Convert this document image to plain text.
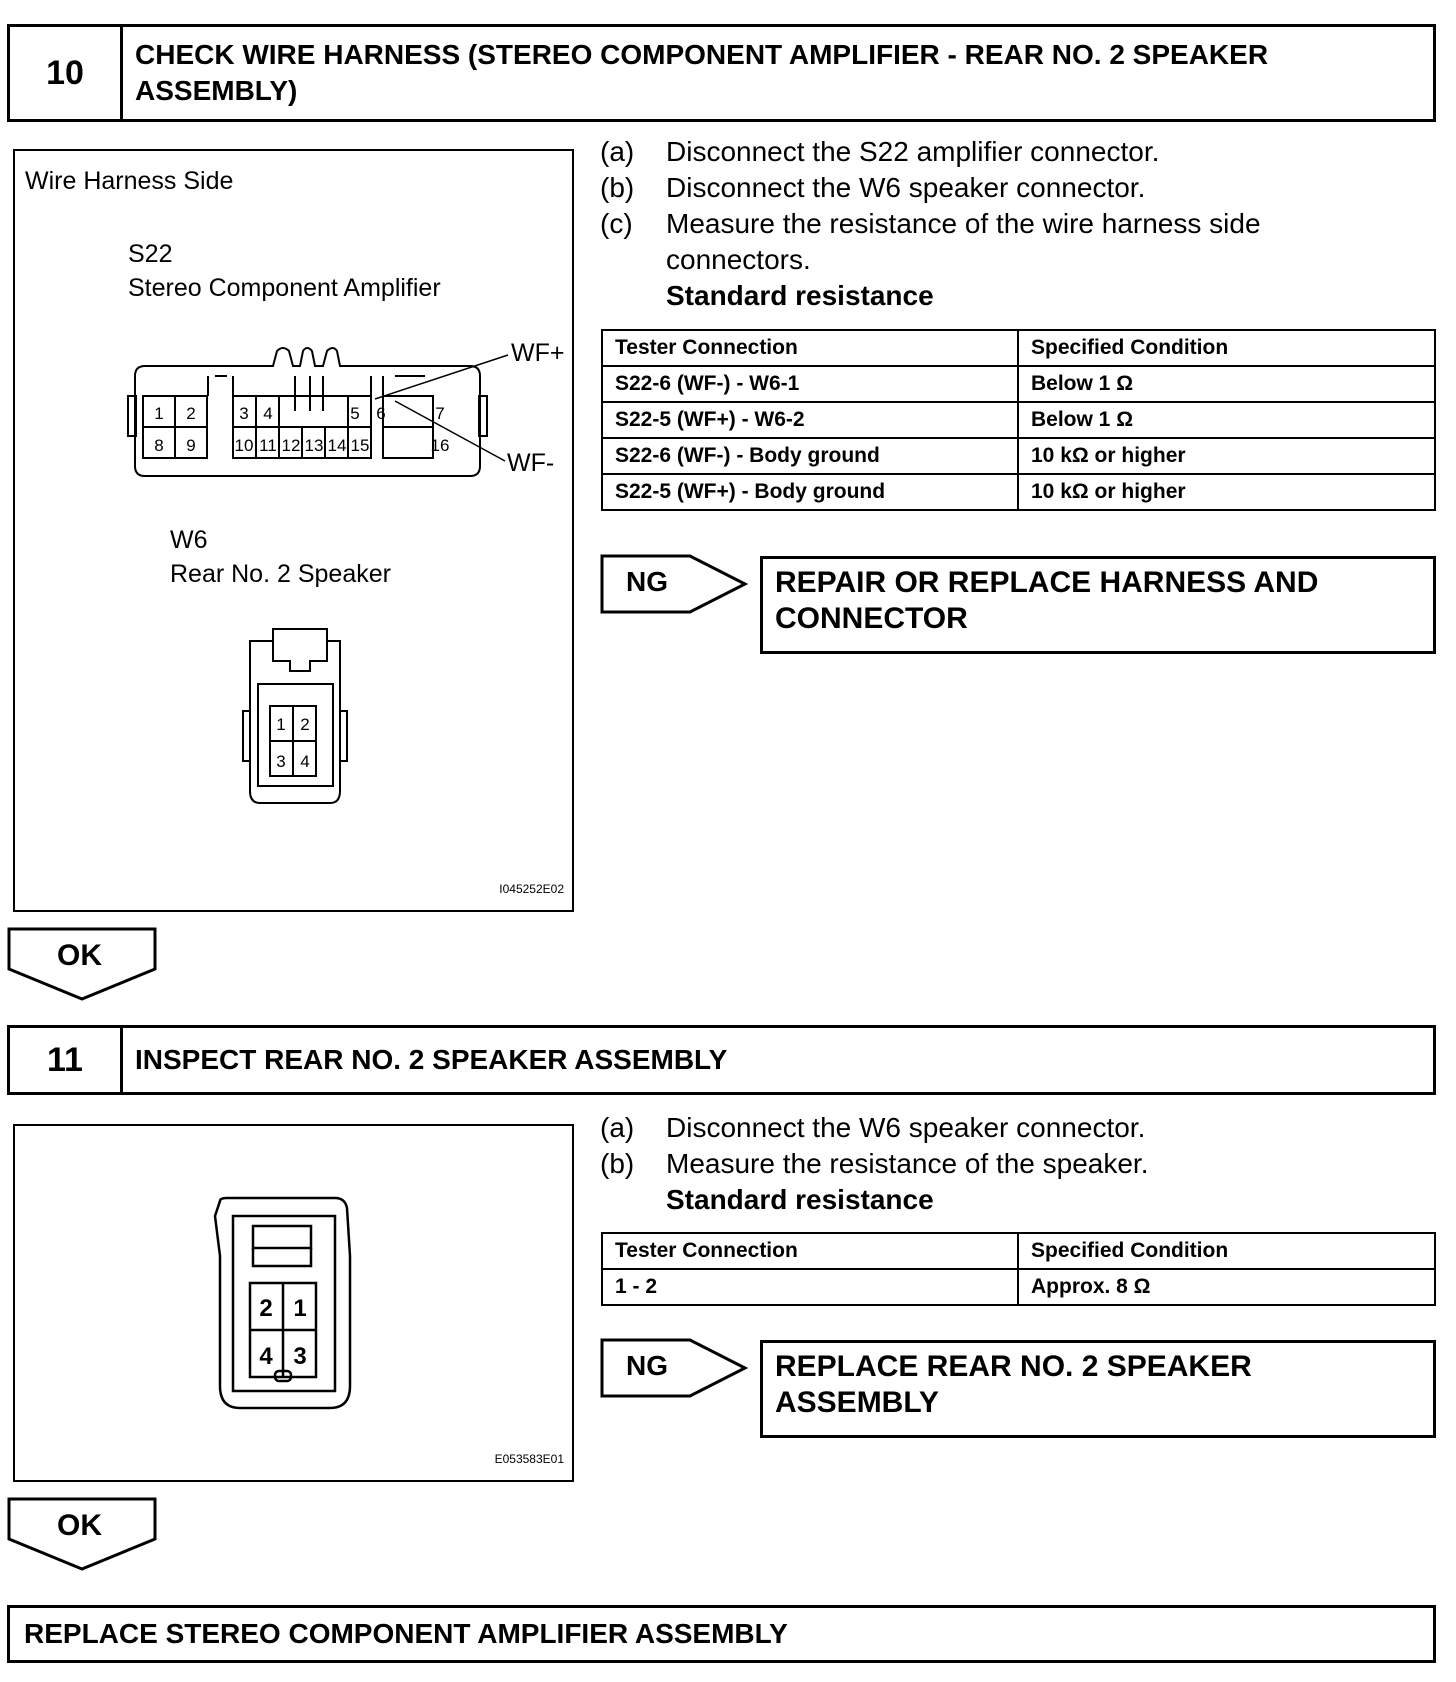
10	CHECK WIRE HARNESS (STEREO COMPONENT AMPLIFIER - REAR NO. 2 SPEAKER ASSEMBLY)
Wire Harness Side
S22
Stereo Component Amplifier
WF+
WF-
1 2	3 4	5 6	7
8 9 10 11 12 13 14 15	16
W6
Rear No. 2 Speaker
1 2
3 4
I045252E02
(a)	Disconnect the S22 amplifier connector.
(b)	Disconnect the W6 speaker connector.
(c)	Measure the resistance of the wire harness side
connectors.
Standard resistance
Tester Connection	Specified Condition
S22-6 (WF-) - W6-1	Below 1 Ω
S22-5 (WF+) - W6-2	Below 1 Ω
S22-6 (WF-) - Body ground	10 kΩ or higher
S22-5 (WF+) - Body ground	10 kΩ or higher
NG	REPAIR OR REPLACE HARNESS AND CONNECTOR
OK
11	INSPECT REAR NO. 2 SPEAKER ASSEMBLY
2 1
4 3
E053583E01
(a)	Disconnect the W6 speaker connector.
(b)	Measure the resistance of the speaker.
Standard resistance
Tester Connection	Specified Condition
1 - 2	Approx. 8 Ω
NG	REPLACE REAR NO. 2 SPEAKER ASSEMBLY
OK
REPLACE STEREO COMPONENT AMPLIFIER ASSEMBLY
